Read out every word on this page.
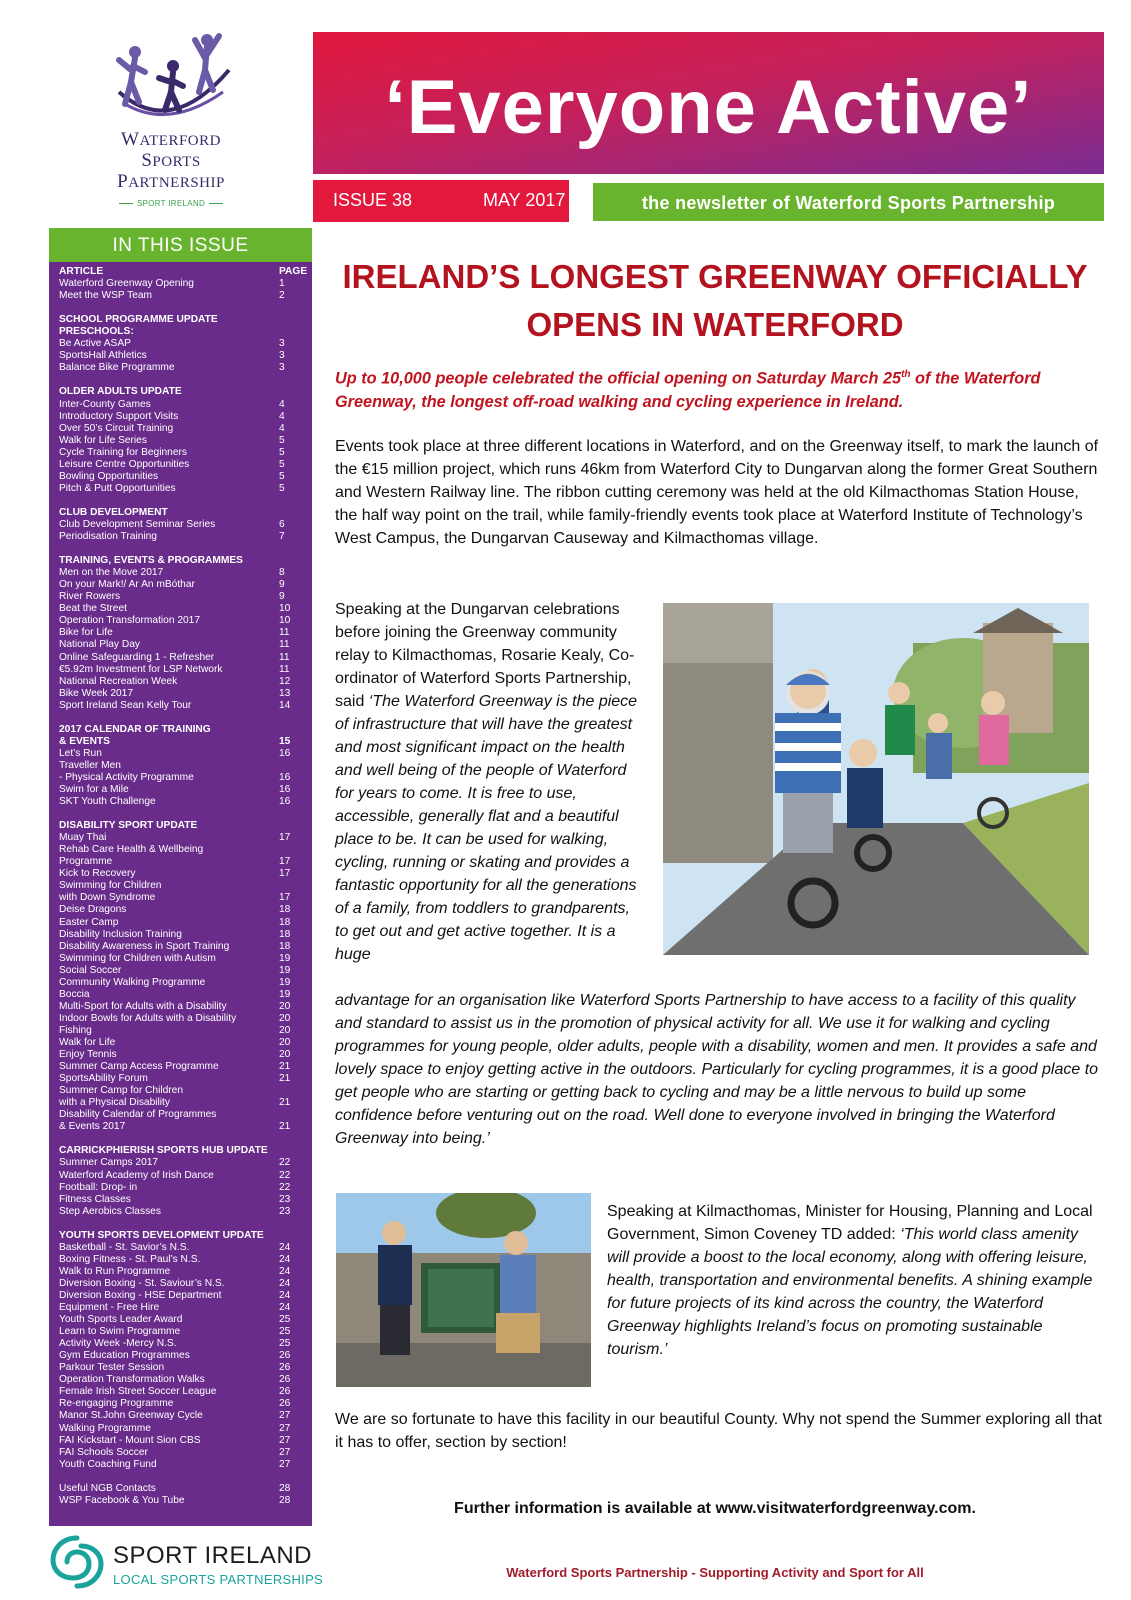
WATERFORD
SPORTS
PARTNERSHIP
SPORT IRELAND
‘Everyone Active’
ISSUE 38	MAY 2017	the newsletter of Waterford Sports Partnership
IN THIS ISSUE
ARTICLE	PAGE
Waterford Greenway Opening	1
Meet the WSP Team	2
SCHOOL PROGRAMME UPDATE
PRESCHOOLS:
Be Active ASAP	3
SportsHall Athletics	3
Balance Bike Programme	3
OLDER ADULTS UPDATE
Inter-County Games	4
Introductory Support Visits	4
Over 50’s Circuit Training	4
Walk for Life Series	5
Cycle Training for Beginners	5
Leisure Centre Opportunities	5
Bowling Opportunities	5
Pitch & Putt Opportunities	5
CLUB DEVELOPMENT
Club Development Seminar Series	6
Periodisation Training	7
TRAINING, EVENTS & PROGRAMMES
Men on the Move 2017	8
On your Mark!/ Ar An mBóthar	9
River Rowers	9
Beat the Street	10
Operation Transformation 2017	10
Bike for Life	11
National Play Day	11
Online Safeguarding 1 - Refresher	11
€5.92m Investment for LSP Network	11
National Recreation Week	12
Bike Week 2017	13
Sport Ireland Sean Kelly Tour	14
2017 CALENDAR OF TRAINING
& EVENTS	15
Let’s Run	16
Traveller Men
- Physical Activity Programme	16
Swim for a Mile	16
SKT Youth Challenge	16
DISABILITY SPORT UPDATE
Muay Thai	17
Rehab Care Health & Wellbeing
Programme	17
Kick to Recovery	17
Swimming for Children
with Down Syndrome	17
Deise Dragons	18
Easter Camp	18
Disability Inclusion Training	18
Disability Awareness in Sport Training	18
Swimming for Children with Autism	19
Social Soccer	19
Community Walking Programme	19
Boccia	19
Multi-Sport for Adults with a Disability	20
Indoor Bowls for Adults with a Disability	20
Fishing	20
Walk for Life	20
Enjoy Tennis	20
Summer Camp Access Programme	21
SportsAbility Forum	21
Summer Camp for Children
with a Physical Disability	21
Disability Calendar of Programmes
& Events 2017	21
CARRICKPHIERISH SPORTS HUB UPDATE
Summer Camps 2017	22
Waterford Academy of Irish Dance	22
Football: Drop- in	22
Fitness Classes	23
Step Aerobics Classes	23
YOUTH SPORTS DEVELOPMENT UPDATE
Basketball - St. Savior’s N.S.	24
Boxing Fitness - St. Paul’s N.S.	24
Walk to Run Programme	24
Diversion Boxing - St. Saviour’s N.S.	24
Diversion Boxing - HSE Department	24
Equipment - Free Hire	24
Youth Sports Leader Award	25
Learn to Swim Programme	25
Activity Week -Mercy N.S.	25
Gym Education Programmes	26
Parkour Tester Session	26
Operation Transformation Walks	26
Female Irish Street Soccer League	26
Re-engaging Programme	26
Manor St.John Greenway Cycle	27
Walking Programme	27
FAI Kickstart - Mount Sion CBS	27
FAI Schools Soccer	27
Youth Coaching Fund	27
Useful NGB Contacts	28
WSP Facebook & You Tube	28
SPORT IRELAND
LOCAL SPORTS PARTNERSHIPS
IRELAND’S LONGEST GREENWAY OFFICIALLY
OPENS IN WATERFORD
Up to 10,000 people celebrated the official opening on Saturday March 25th of the Waterford Greenway, the longest off-road walking and cycling experience in Ireland.
Events took place at three different locations in Waterford, and on the Greenway itself, to mark the launch of the €15 million project, which runs 46km from Waterford City to Dungarvan along the former Great Southern and Western Railway line. The ribbon cutting ceremony was held at the old Kilmacthomas Station House, the half way point on the trail, while family-friendly events took place at Waterford Institute of Technology’s West Campus, the Dungarvan Causeway and Kilmacthomas village.
Speaking at the Dungarvan celebrations before joining the Greenway community relay to Kilmacthomas, Rosarie Kealy, Co-ordinator of Waterford Sports Partnership, said ‘The Waterford Greenway is the piece of infrastructure that will have the greatest and most significant impact on the health and well being of the people of Waterford for years to come. It is free to use, accessible, generally flat and a beautiful place to be. It can be used for walking, cycling, running or skating and provides a fantastic opportunity for all the generations of a family, from toddlers to grandparents, to get out and get active together. It is a huge
advantage for an organisation like Waterford Sports Partnership to have access to a facility of this quality and standard to assist us in the promotion of physical activity for all. We use it for walking and cycling programmes for young people, older adults, people with a disability, women and men. It provides a safe and lovely space to enjoy getting active in the outdoors. Particularly for cycling programmes, it is a good place to get people who are starting or getting back to cycling and may be a little nervous to build up some confidence before venturing out on the road. Well done to everyone involved in bringing the Waterford Greenway into being.’
Speaking at Kilmacthomas, Minister for Housing, Planning and Local Government, Simon Coveney TD added: ‘This world class amenity will provide a boost to the local economy, along with offering leisure, health, transportation and environmental benefits. A shining example for future projects of its kind across the country, the Waterford Greenway highlights Ireland’s focus on promoting sustainable tourism.’
We are so fortunate to have this facility in our beautiful County. Why not spend the Summer exploring all that it has to offer, section by section!
Further information is available at www.visitwaterfordgreenway.com.
Waterford Sports Partnership - Supporting Activity and Sport for All
